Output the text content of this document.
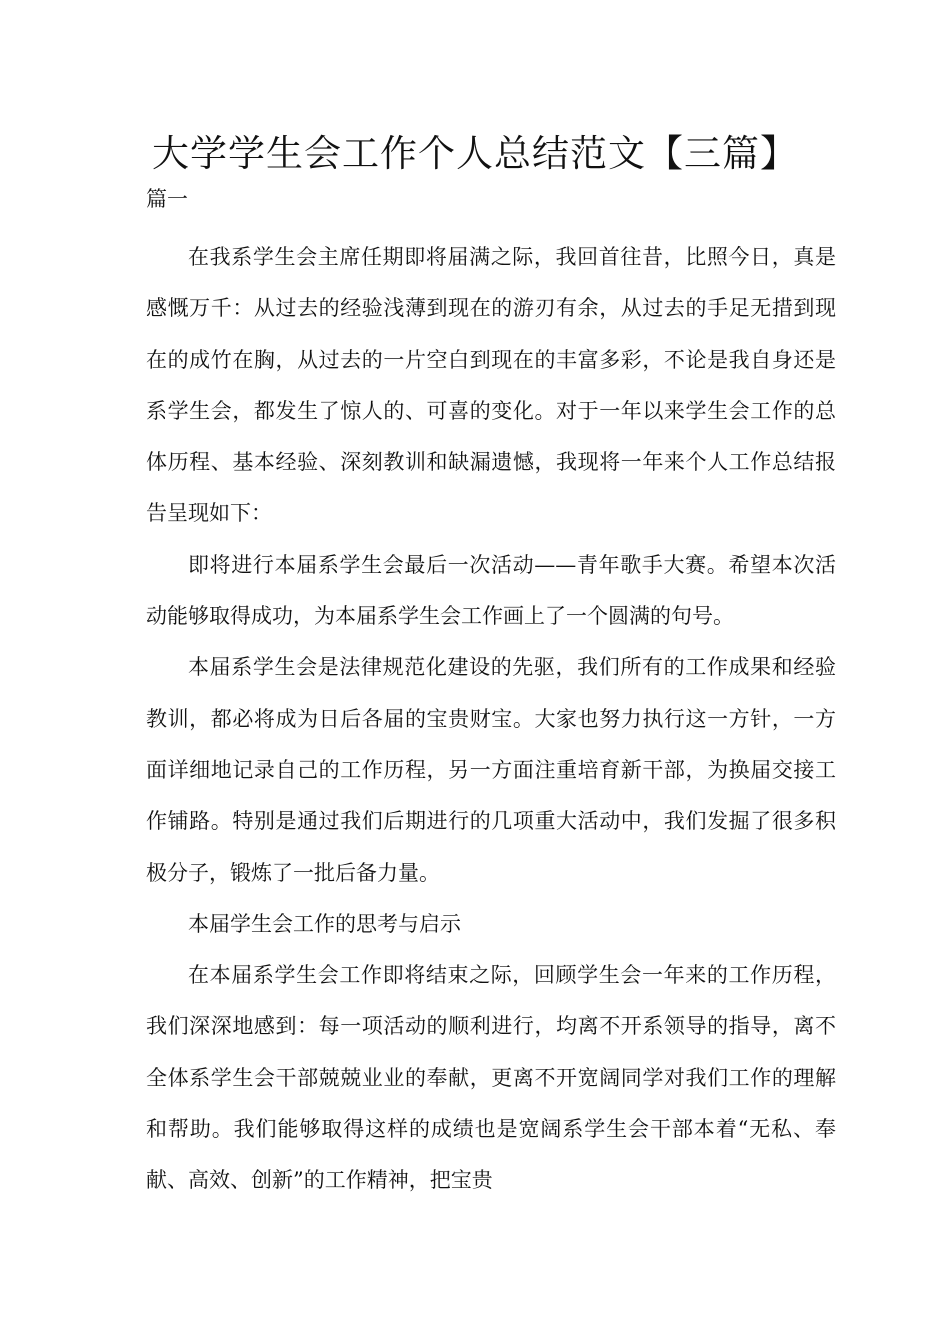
大学学生会工作个人总结范文【三篇】
篇一

在我系学生会主席任期即将届满之际，我回首往昔，比照今日，真是感慨万千：从过去的经验浅薄到现在的游刃有余，从过去的手足无措到现在的成竹在胸，从过去的一片空白到现在的丰富多彩，不论是我自身还是系学生会，都发生了惊人的、可喜的变化。对于一年以来学生会工作的总体历程、基本经验、深刻教训和缺漏遗憾，我现将一年来个人工作总结报告呈现如下：

即将进行本届系学生会最后一次活动——青年歌手大赛。希望本次活动能够取得成功，为本届系学生会工作画上了一个圆满的句号。

本届系学生会是法律规范化建设的先驱，我们所有的工作成果和经验教训，都必将成为日后各届的宝贵财宝。大家也努力执行这一方针，一方面详细地记录自己的工作历程，另一方面注重培育新干部，为换届交接工作铺路。特别是通过我们后期进行的几项重大活动中，我们发掘了很多积极分子，锻炼了一批后备力量。

本届学生会工作的思考与启示

在本届系学生会工作即将结束之际，回顾学生会一年来的工作历程，我们深深地感到：每一项活动的顺利进行，均离不开系领导的指导，离不全体系学生会干部兢兢业业的奉献，更离不开宽阔同学对我们工作的理解和帮助。我们能够取得这样的成绩也是宽阔系学生会干部本着“无私、奉献、高效、创新”的工作精神，把宝贵
